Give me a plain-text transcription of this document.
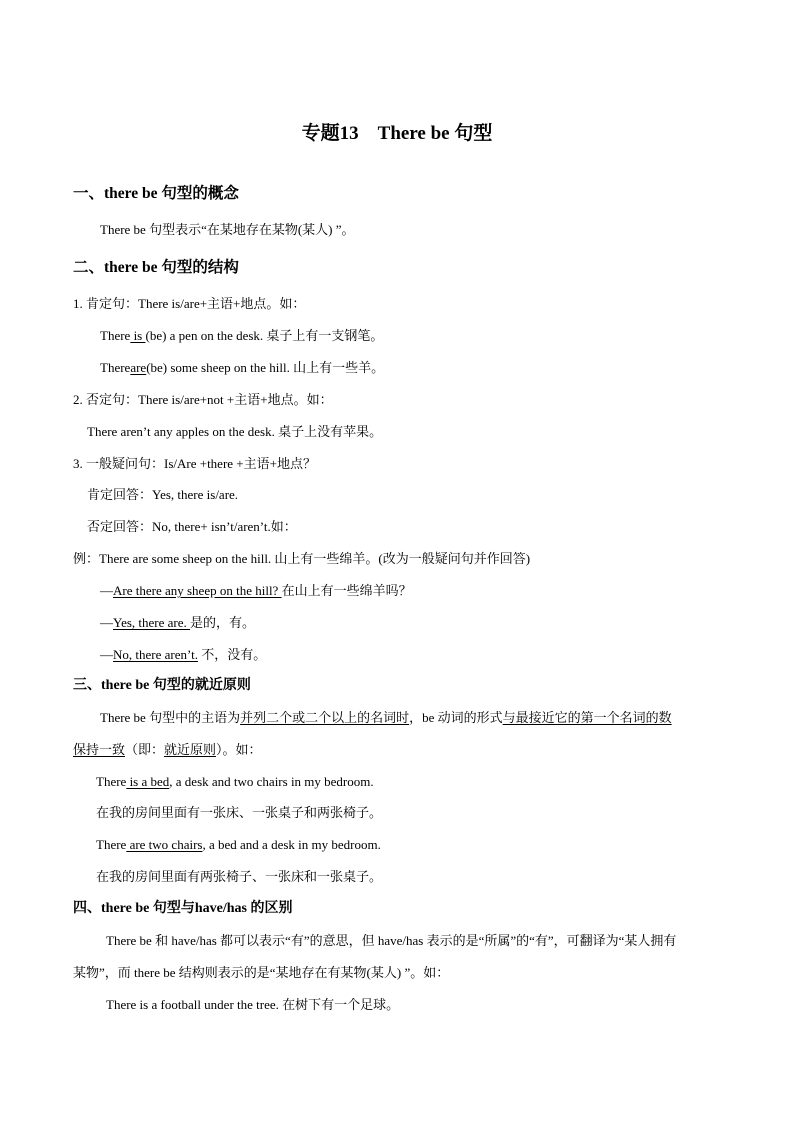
专题13　There be 句型
一、there be 句型的概念
There be 句型表示“在某地存在某物(某人) ”。
二、there be 句型的结构
1. 肯定句：There is/are+主语+地点。如：
There is (be) a pen on the desk. 桌子上有一支钢笔。
Thereare(be) some sheep on the hill. 山上有一些羊。
2. 否定句：There is/are+not +主语+地点。如：
There aren’t any apples on the desk. 桌子上没有苹果。
3. 一般疑问句：Is/Are +there +主语+地点？
肯定回答：Yes, there is/are.
否定回答：No, there+ isn’t/aren’t.如：
例：There are some sheep on the hill. 山上有一些绵羊。(改为一般疑问句并作回答)
—Are there any sheep on the hill? 在山上有一些绵羊吗？
—Yes, there are. 是的，有。
—No, there aren’t. 不，没有。
三、there be 句型的就近原则
There be 句型中的主语为并列二个或二个以上的名词时，be 动词的形式与最接近它的第一个名词的数
保持一致（即：就近原则）。如：
There is a bed, a desk and two chairs in my bedroom.
在我的房间里面有一张床、一张桌子和两张椅子。
There are two chairs, a bed and a desk in my bedroom.
在我的房间里面有两张椅子、一张床和一张桌子。
四、there be 句型与have/has 的区别
There be 和 have/has 都可以表示“有”的意思，但 have/has 表示的是“所属”的“有”，可翻译为“某人拥有
某物”，而 there be 结构则表示的是“某地存在有某物(某人) ”。如：
There is a football under the tree. 在树下有一个足球。
